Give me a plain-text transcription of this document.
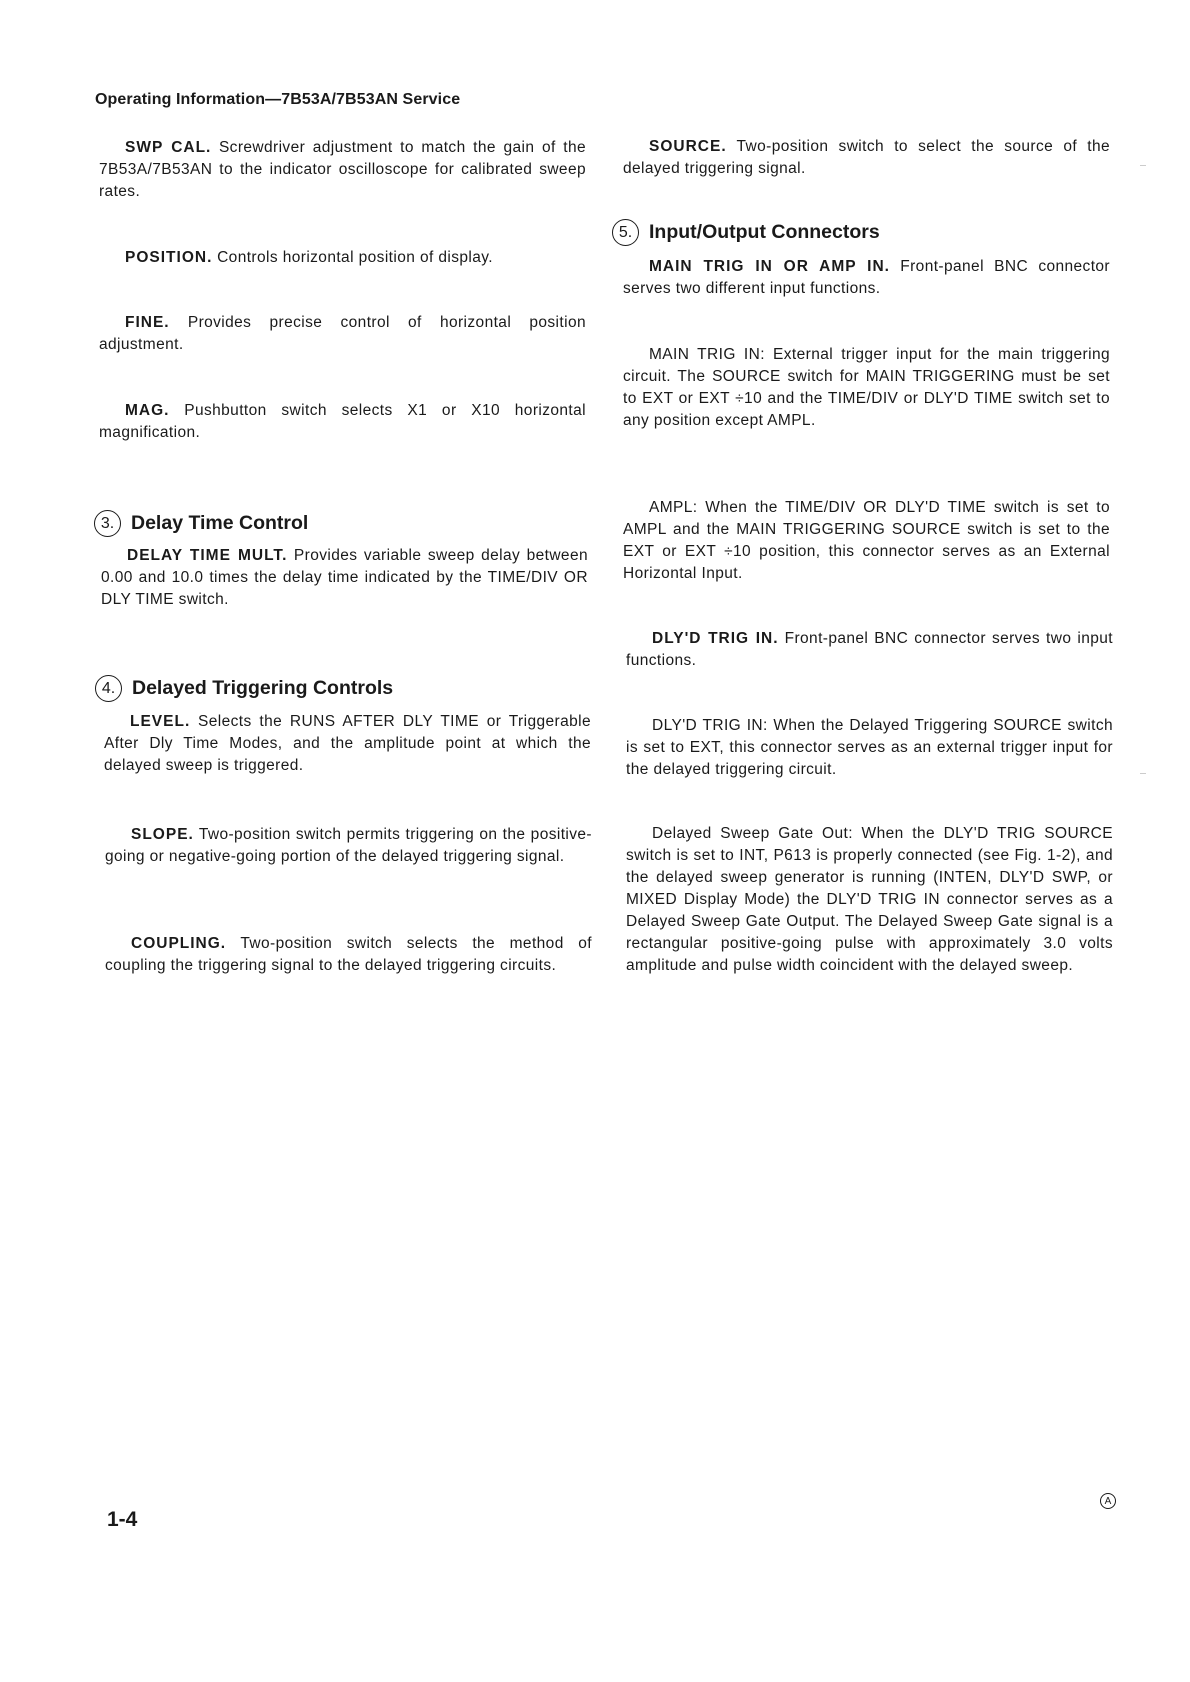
Operating Information—7B53A/7B53AN Service
SWP CAL. Screwdriver adjustment to match the gain of the 7B53A/7B53AN to the indicator oscilloscope for calibrated sweep rates.
POSITION. Controls horizontal position of display.
FINE. Provides precise control of horizontal position adjustment.
MAG. Pushbutton switch selects X1 or X10 horizontal magnification.
3. Delay Time Control
DELAY TIME MULT. Provides variable sweep delay between 0.00 and 10.0 times the delay time indicated by the TIME/DIV OR DLY TIME switch.
4. Delayed Triggering Controls
LEVEL. Selects the RUNS AFTER DLY TIME or Triggerable After Dly Time Modes, and the amplitude point at which the delayed sweep is triggered.
SLOPE. Two-position switch permits triggering on the positive-going or negative-going portion of the delayed triggering signal.
COUPLING. Two-position switch selects the method of coupling the triggering signal to the delayed triggering circuits.
SOURCE. Two-position switch to select the source of the delayed triggering signal.
5. Input/Output Connectors
MAIN TRIG IN OR AMP IN. Front-panel BNC connector serves two different input functions.
MAIN TRIG IN: External trigger input for the main triggering circuit. The SOURCE switch for MAIN TRIGGERING must be set to EXT or EXT ÷10 and the TIME/DIV or DLY'D TIME switch set to any position except AMPL.
AMPL: When the TIME/DIV OR DLY'D TIME switch is set to AMPL and the MAIN TRIGGERING SOURCE switch is set to the EXT or EXT ÷10 position, this connector serves as an External Horizontal Input.
DLY'D TRIG IN. Front-panel BNC connector serves two input functions.
DLY'D TRIG IN: When the Delayed Triggering SOURCE switch is set to EXT, this connector serves as an external trigger input for the delayed triggering circuit.
Delayed Sweep Gate Out: When the DLY'D TRIG SOURCE switch is set to INT, P613 is properly connected (see Fig. 1-2), and the delayed sweep generator is running (INTEN, DLY'D SWP, or MIXED Display Mode) the DLY'D TRIG IN connector serves as a Delayed Sweep Gate Output. The Delayed Sweep Gate signal is a rectangular positive-going pulse with approximately 3.0 volts amplitude and pulse width coincident with the delayed sweep.
1-4
A
